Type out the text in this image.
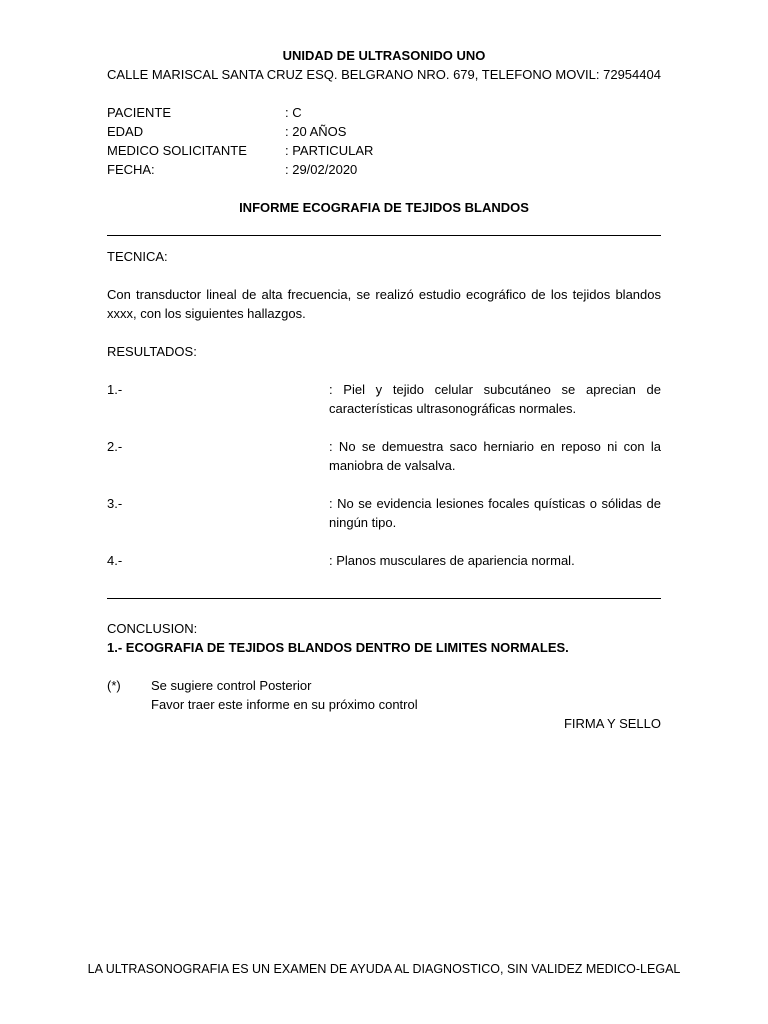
UNIDAD DE ULTRASONIDO UNO
CALLE MARISCAL SANTA CRUZ ESQ. BELGRANO NRO. 679, TELEFONO MOVIL: 72954404
PACIENTE	: C
EDAD	: 20 AÑOS
MEDICO SOLICITANTE	: PARTICULAR
FECHA:	: 29/02/2020
INFORME ECOGRAFIA DE TEJIDOS BLANDOS
TECNICA:
Con transductor lineal de alta frecuencia, se realizó estudio ecográfico de los tejidos blandos xxxx, con los siguientes hallazgos.
RESULTADOS:
1.-	: Piel y tejido celular subcutáneo se aprecian de características ultrasonográficas normales.
2.-	: No se demuestra saco herniario en reposo ni con la maniobra de valsalva.
3.-	: No se evidencia lesiones focales quísticas o sólidas de ningún tipo.
4.-	: Planos musculares de apariencia normal.
CONCLUSION:
1.- ECOGRAFIA DE TEJIDOS BLANDOS DENTRO DE LIMITES NORMALES.
(*)	Se sugiere control Posterior
Favor traer este informe en su próximo control
FIRMA Y SELLO
LA ULTRASONOGRAFIA ES UN EXAMEN DE AYUDA AL DIAGNOSTICO, SIN VALIDEZ MEDICO-LEGAL
